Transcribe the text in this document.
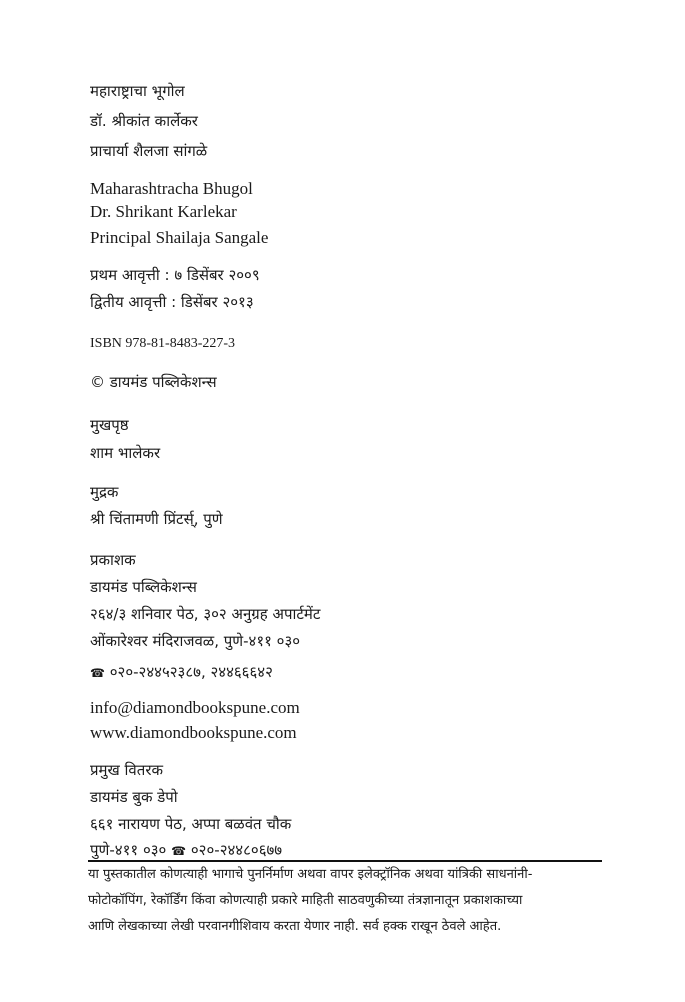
महाराष्ट्राचा भूगोल
डॉ. श्रीकांत कार्लेकर
प्राचार्या शैलजा सांगळे
Maharashtracha Bhugol
Dr. Shrikant Karlekar
Principal Shailaja Sangale
प्रथम आवृत्ती : ७ डिसेंबर २००९
द्वितीय आवृत्ती : डिसेंबर २०१३
ISBN 978-81-8483-227-3
© डायमंड पब्लिकेशन्स
मुखपृष्ठ
शाम भालेकर
मुद्रक
श्री चिंतामणी प्रिंटर्स्, पुणे
प्रकाशक
डायमंड पब्लिकेशन्स
२६४/३ शनिवार पेठ, ३०२ अनुग्रह अपार्टमेंट
ओंकारेश्वर मंदिराजवळ, पुणे-४११ ०३०
☎ ०२०-२४४५२३८७, २४४६६६४२
info@diamondbookspune.com
www.diamondbookspune.com
प्रमुख वितरक
डायमंड बुक डेपो
६६१ नारायण पेठ, अप्पा बळवंत चौक
पुणे-४११ ०३० ☎ ०२०-२४४८०६७७
या पुस्तकातील कोणत्याही भागाचे पुनर्निर्माण अथवा वापर इलेक्ट्रॉनिक अथवा यांत्रिकी साधनांनी-
फोटोकॉपिंग, रेकॉर्डिंग किंवा कोणत्याही प्रकारे माहिती साठवणुकीच्या तंत्रज्ञानातून प्रकाशकाच्या
आणि लेखकाच्या लेखी परवानगीशिवाय करता येणार नाही. सर्व हक्क राखून ठेवले आहेत.
